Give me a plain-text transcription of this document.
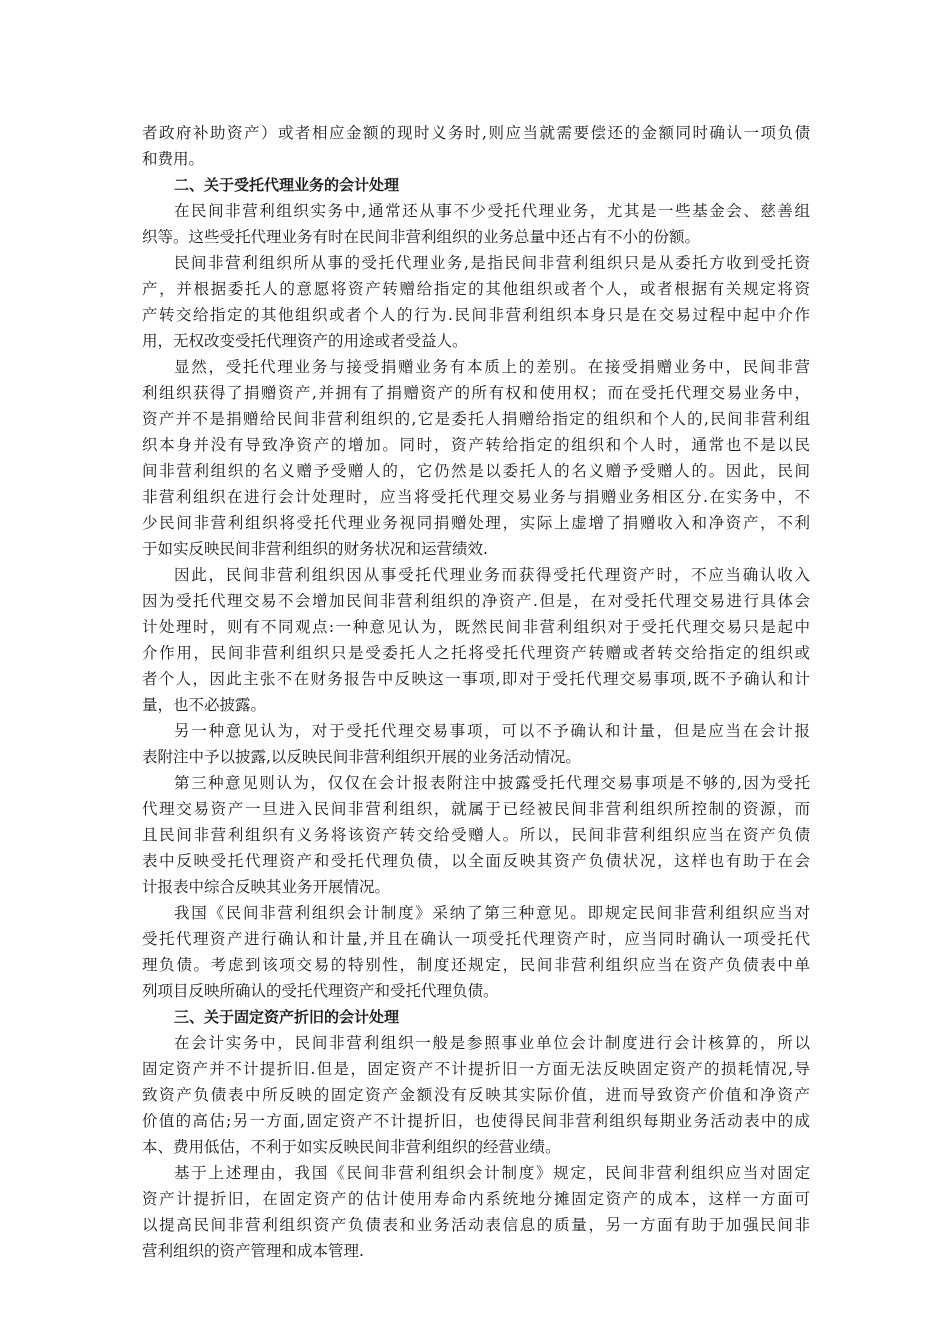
者政府补助资产）或者相应金额的现时义务时,则应当就需要偿还的金额同时确认一项负债
和费用。
二、关于受托代理业务的会计处理
在民间非营利组织实务中,通常还从事不少受托代理业务，尤其是一些基金会、慈善组
织等。这些受托代理业务有时在民间非营利组织的业务总量中还占有不小的份额。
民间非营利组织所从事的受托代理业务,是指民间非营利组织只是从委托方收到受托资
产，并根据委托人的意愿将资产转赠给指定的其他组织或者个人，或者根据有关规定将资
产转交给指定的其他组织或者个人的行为.民间非营利组织本身只是在交易过程中起中介作
用，无权改变受托代理资产的用途或者受益人。
显然，受托代理业务与接受捐赠业务有本质上的差别。在接受捐赠业务中，民间非营
利组织获得了捐赠资产,并拥有了捐赠资产的所有权和使用权；而在受托代理交易业务中，
资产并不是捐赠给民间非营利组织的,它是委托人捐赠给指定的组织和个人的,民间非营利组
织本身并没有导致净资产的增加。同时，资产转给指定的组织和个人时，通常也不是以民
间非营利组织的名义赠予受赠人的，它仍然是以委托人的名义赠予受赠人的。因此，民间
非营利组织在进行会计处理时，应当将受托代理交易业务与捐赠业务相区分.在实务中，不
少民间非营利组织将受托代理业务视同捐赠处理，实际上虚增了捐赠收入和净资产，不利
于如实反映民间非营利组织的财务状况和运营绩效.
因此，民间非营利组织因从事受托代理业务而获得受托代理资产时，不应当确认收入
因为受托代理交易不会增加民间非营利组织的净资产.但是，在对受托代理交易进行具体会
计处理时，则有不同观点:一种意见认为，既然民间非营利组织对于受托代理交易只是起中
介作用，民间非营利组织只是受委托人之托将受托代理资产转赠或者转交给指定的组织或
者个人，因此主张不在财务报告中反映这一事项,即对于受托代理交易事项,既不予确认和计
量，也不必披露。
另一种意见认为，对于受托代理交易事项，可以不予确认和计量，但是应当在会计报
表附注中予以披露,以反映民间非营利组织开展的业务活动情况。
第三种意见则认为，仅仅在会计报表附注中披露受托代理交易事项是不够的,因为受托
代理交易资产一旦进入民间非营利组织，就属于已经被民间非营利组织所控制的资源，而
且民间非营利组织有义务将该资产转交给受赠人。所以，民间非营利组织应当在资产负债
表中反映受托代理资产和受托代理负债，以全面反映其资产负债状况，这样也有助于在会
计报表中综合反映其业务开展情况。
我国《民间非营利组织会计制度》采纳了第三种意见。即规定民间非营利组织应当对
受托代理资产进行确认和计量,并且在确认一项受托代理资产时，应当同时确认一项受托代
理负债。考虑到该项交易的特别性，制度还规定，民间非营利组织应当在资产负债表中单
列项目反映所确认的受托代理资产和受托代理负债。
三、关于固定资产折旧的会计处理
在会计实务中，民间非营利组织一般是参照事业单位会计制度进行会计核算的，所以
固定资产并不计提折旧.但是，固定资产不计提折旧一方面无法反映固定资产的损耗情况,导
致资产负债表中所反映的固定资产金额没有反映其实际价值，进而导致资产价值和净资产
价值的高估;另一方面,固定资产不计提折旧，也使得民间非营利组织每期业务活动表中的成
本、费用低估，不利于如实反映民间非营利组织的经营业绩。
基于上述理由，我国《民间非营利组织会计制度》规定，民间非营利组织应当对固定
资产计提折旧，在固定资产的估计使用寿命内系统地分摊固定资产的成本，这样一方面可
以提高民间非营利组织资产负债表和业务活动表信息的质量，另一方面有助于加强民间非
营利组织的资产管理和成本管理.
